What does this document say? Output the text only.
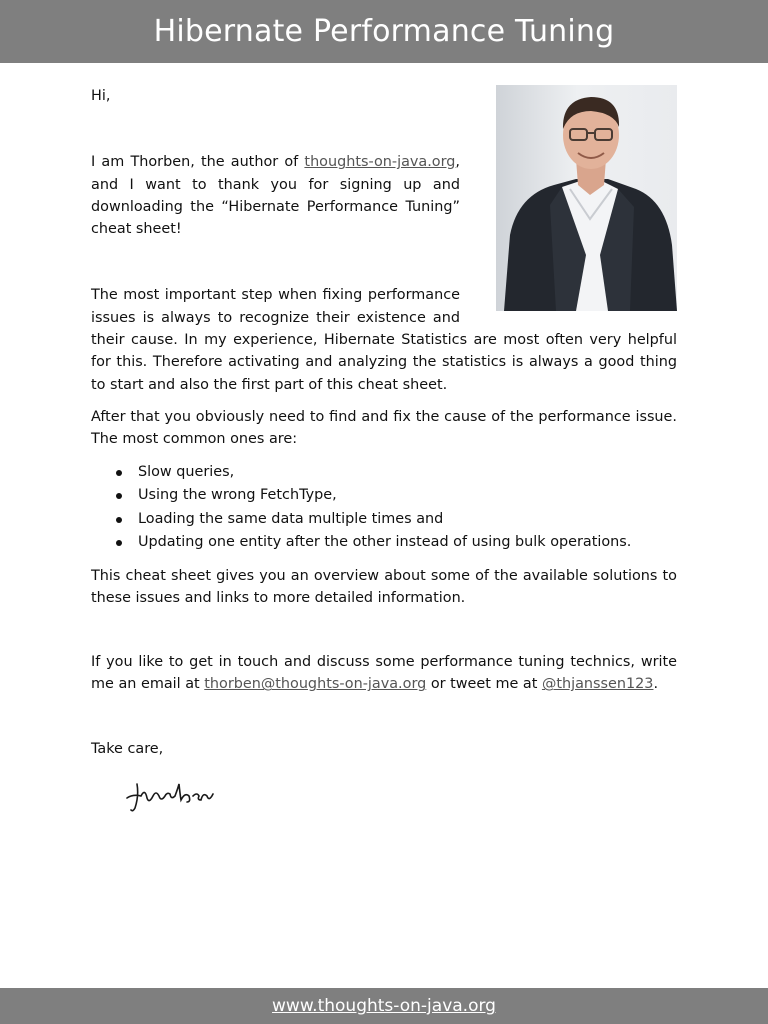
Hibernate Performance Tuning

Hi,

I am Thorben, the author of thoughts-on-java.org, and I want to thank you for signing up and downloading the “Hibernate Performance Tuning” cheat sheet!

The most important step when fixing performance issues is always to recognize their existence and their cause. In my experience, Hibernate Statistics are most often very helpful for this. Therefore activating and analyzing the statistics is always a good thing to start and also the first part of this cheat sheet.

After that you obviously need to find and fix the cause of the performance issue. The most common ones are:

Slow queries,
Using the wrong FetchType,
Loading the same data multiple times and
Updating one entity after the other instead of using bulk operations.

This cheat sheet gives you an overview about some of the available solutions to these issues and links to more detailed information.

If you like to get in touch and discuss some performance tuning technics, write me an email at thorben@thoughts-on-java.org or tweet me at @thjanssen123.

Take care,

www.thoughts-on-java.org
